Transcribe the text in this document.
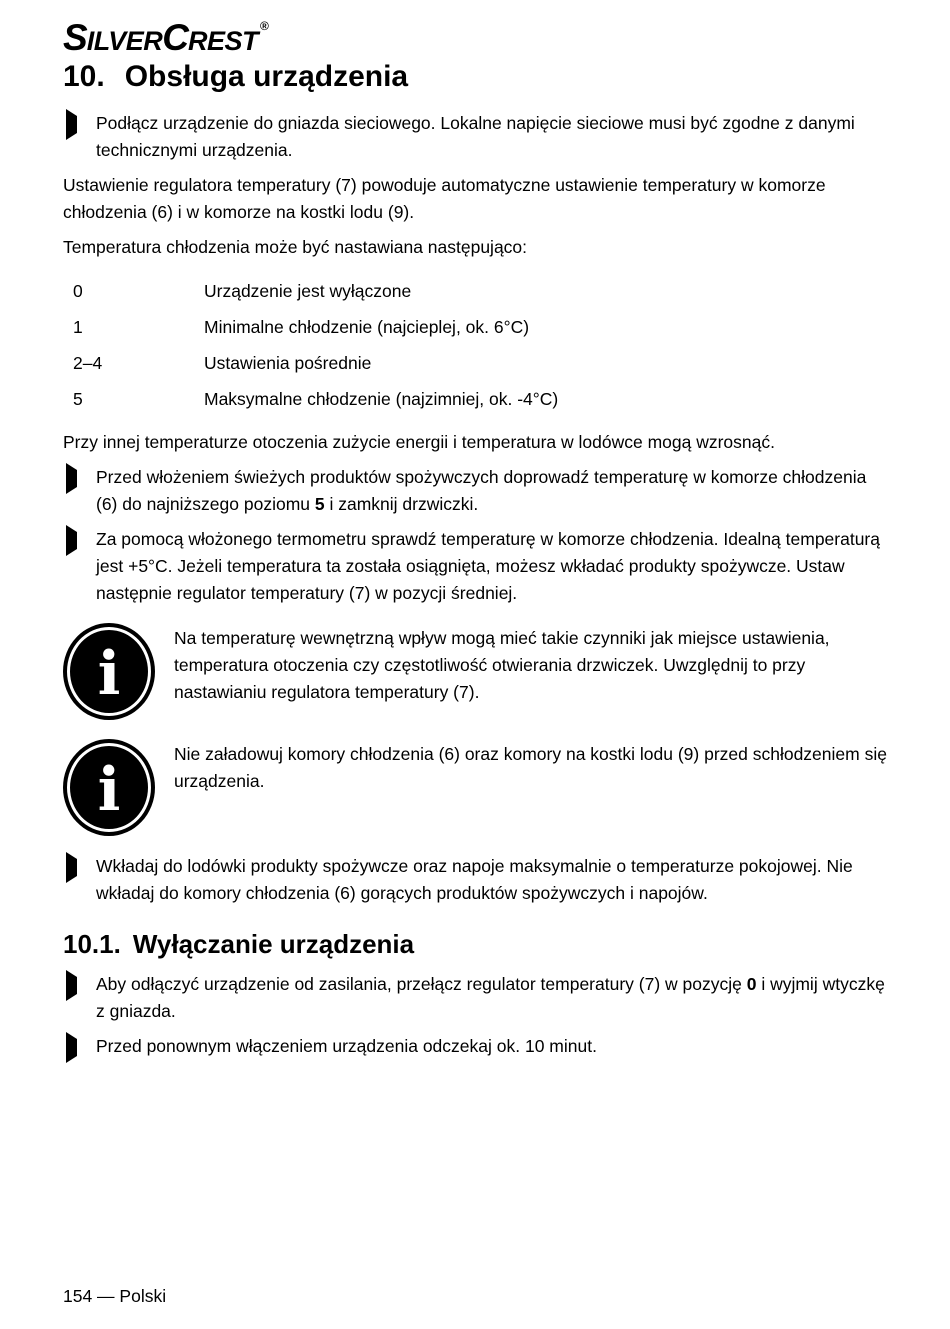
SILVERCREST ®
10. Obsługa urządzenia
Podłącz urządzenie do gniazda sieciowego. Lokalne napięcie sieciowe musi być zgodne z danymi technicznymi urządzenia.

Ustawienie regulatora temperatury (7) powoduje automatyczne ustawienie temperatury w komorze chłodzenia (6) i w komorze na kostki lodu (9).

Temperatura chłodzenia może być nastawiana następująco:

0	Urządzenie jest wyłączone
1	Minimalne chłodzenie (najcieplej, ok. 6°C)
2–4	Ustawienia pośrednie
5	Maksymalne chłodzenie (najzimniej, ok. -4°C)

Przy innej temperaturze otoczenia zużycie energii i temperatura w lodówce mogą wzrosnąć.

Przed włożeniem świeżych produktów spożywczych doprowadź temperaturę w komorze chłodzenia (6) do najniższego poziomu 5 i zamknij drzwiczki.
Za pomocą włożonego termometru sprawdź temperaturę w komorze chłodzenia. Idealną temperaturą jest +5°C. Jeżeli temperatura ta została osiągnięta, możesz wkładać produkty spożywcze. Ustaw następnie regulator temperatury (7) w pozycji średniej.
i
Na temperaturę wewnętrzną wpływ mogą mieć takie czynniki jak miejsce ustawienia, temperatura otoczenia czy częstotliwość otwierania drzwiczek. Uwzględnij to przy nastawianiu regulatora temperatury (7).
i
Nie załadowuj komory chłodzenia (6) oraz komory na kostki lodu (9) przed schłodzeniem się urządzenia.
Wkładaj do lodówki produkty spożywcze oraz napoje maksymalnie o temperaturze pokojowej. Nie wkładaj do komory chłodzenia (6) gorących produktów spożywczych i napojów.
10.1. Wyłączanie urządzenia
Aby odłączyć urządzenie od zasilania, przełącz regulator temperatury (7) w pozycję 0 i wyjmij wtyczkę z gniazda.
Przed ponownym włączeniem urządzenia odczekaj ok. 10 minut.
154 — Polski
